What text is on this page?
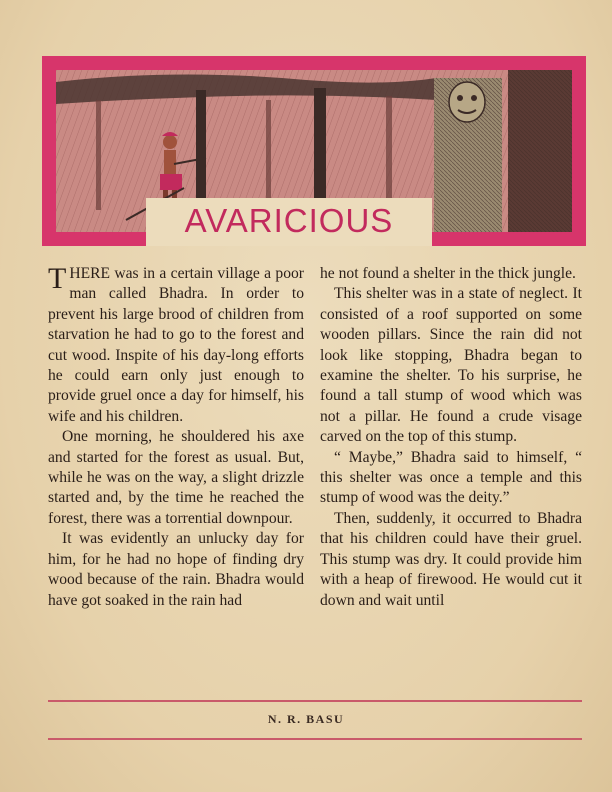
AVARICIOUS

THERE was in a certain village a poor man called Bhadra. In order to prevent his large brood of children from starvation he had to go to the forest and cut wood. Inspite of his day-long efforts he could earn only just enough to provide gruel once a day for himself, his wife and his children.

One morning, he shouldered his axe and started for the forest as usual. But, while he was on the way, a slight drizzle started and, by the time he reached the forest, there was a torrential downpour.

It was evidently an unlucky day for him, for he had no hope of finding dry wood because of the rain. Bhadra would have got soaked in the rain had

he not found a shelter in the thick jungle.

This shelter was in a state of neglect. It consisted of a roof supported on some wooden pillars. Since the rain did not look like stopping, Bhadra began to examine the shelter. To his surprise, he found a tall stump of wood which was not a pillar. He found a crude visage carved on the top of this stump.

“ Maybe,” Bhadra said to himself, “ this shelter was once a temple and this stump of wood was the deity.”

Then, suddenly, it occurred to Bhadra that his children could have their gruel. This stump was dry. It could provide him with a heap of firewood. He would cut it down and wait until

N. R. BASU
